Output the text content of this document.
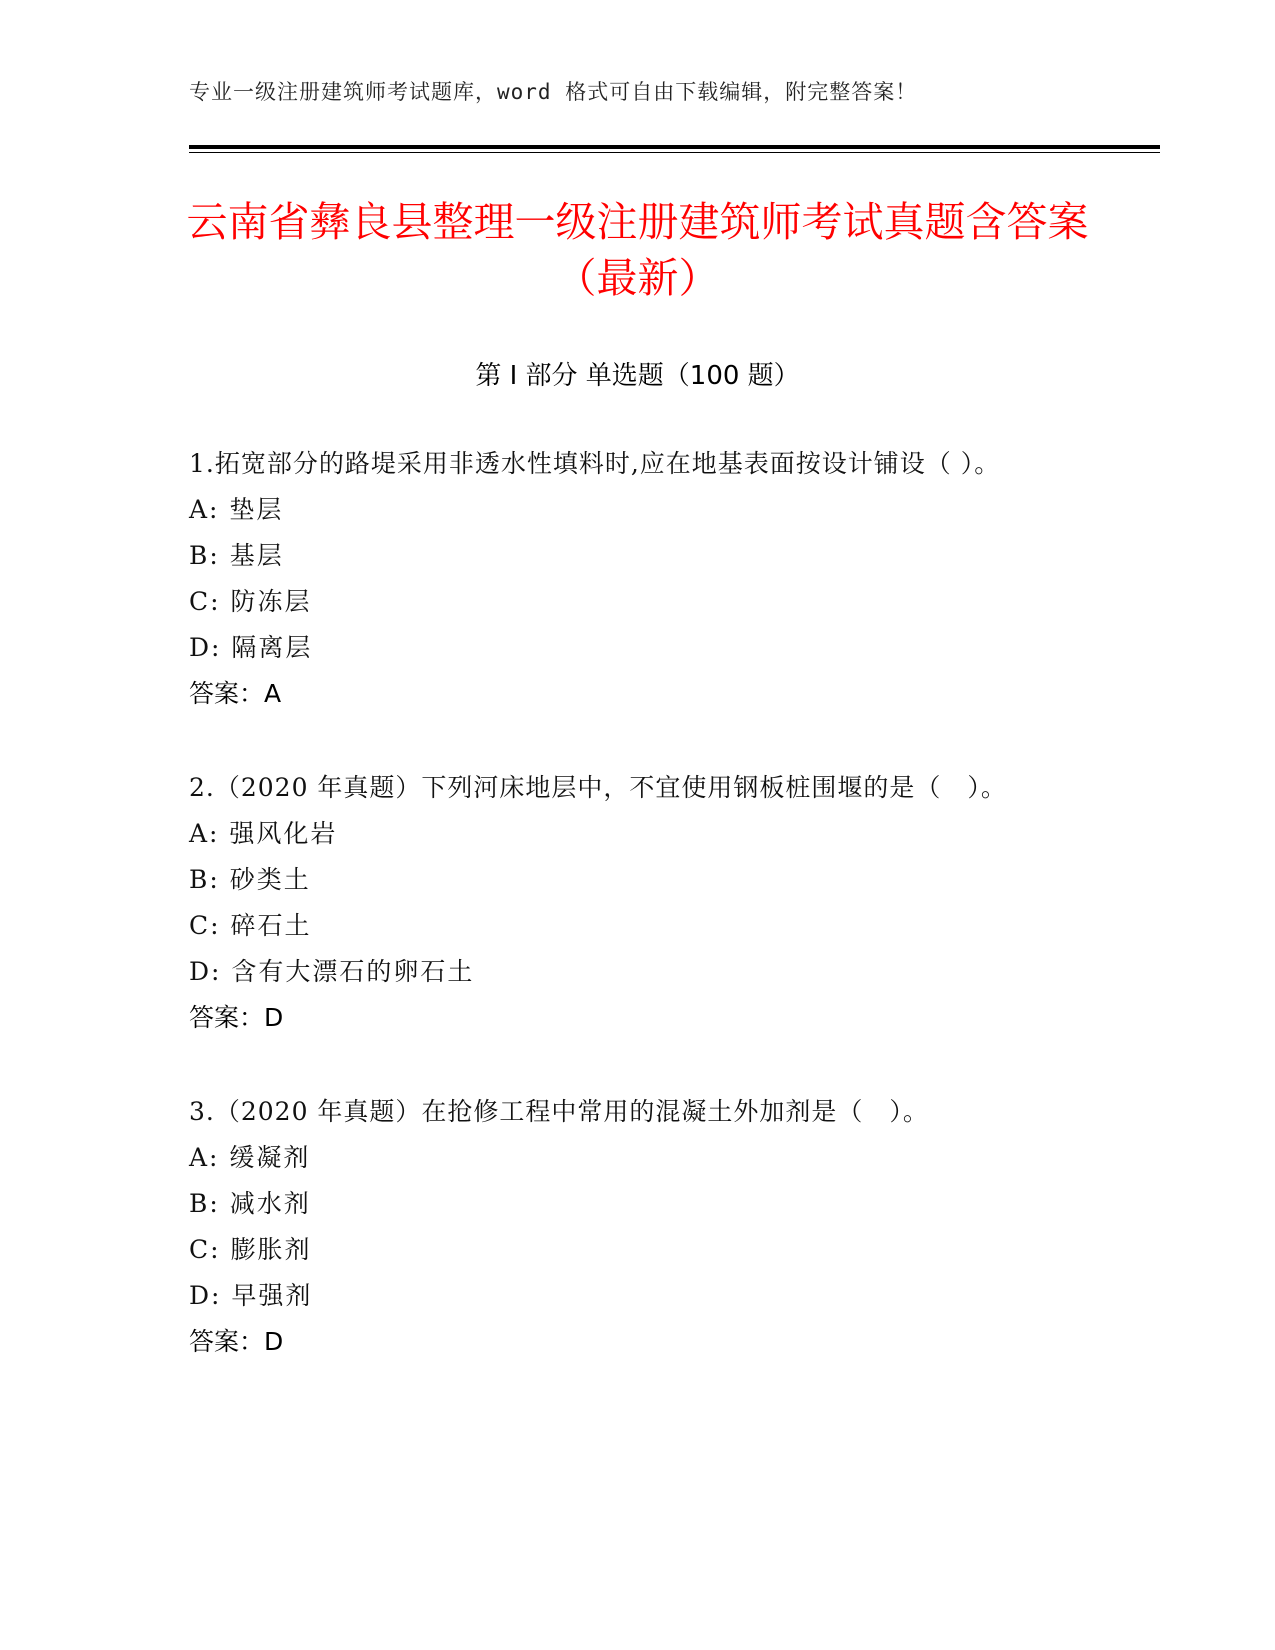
专业一级注册建筑师考试题库，word 格式可自由下载编辑，附完整答案！
云南省彝良县整理一级注册建筑师考试真题含答案（最新）
第 I 部分 单选题（100 题）
1.拓宽部分的路堤采用非透水性填料时,应在地基表面按设计铺设（ ）。
A: 垫层
B: 基层
C: 防冻层
D: 隔离层
答案：A
2.（2020 年真题）下列河床地层中，不宜使用钢板桩围堰的是（　）。
A: 强风化岩
B: 砂类土
C: 碎石土
D: 含有大漂石的卵石土
答案：D
3.（2020 年真题）在抢修工程中常用的混凝土外加剂是（　）。
A: 缓凝剂
B: 减水剂
C: 膨胀剂
D: 早强剂
答案：D
